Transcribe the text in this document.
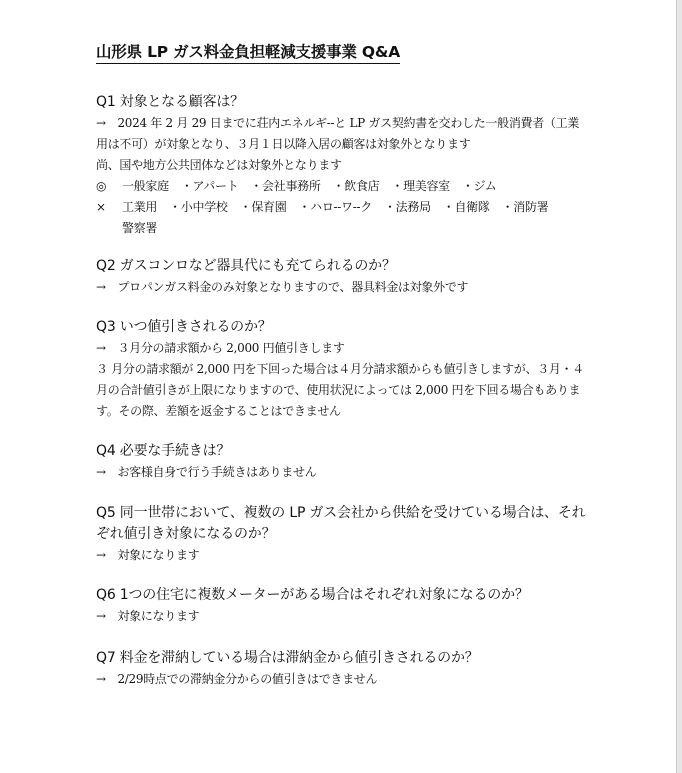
山形県 LP ガス料金負担軽減支援事業 Q&A
Q1 対象となる顧客は？
→　2024 年 2 月 29 日までに荘内エネルギ--と LP ガス契約書を交わした一般消費者（工業用は不可）が対象となり、３月１日以降入居の顧客は対象外となります
尚、国や地方公共団体などは対象外となります
◎	一般家庭 ・アパート ・会社事務所 ・飲食店 ・理美容室 ・ジム
×	工業用 ・小中学校 ・保育園 ・ハロ--ワ--ク ・法務局 ・自衛隊 ・消防署
警察署
Q2 ガスコンロなど器具代にも充てられるのか？
→　プロパンガス料金のみ対象となりますので、器具料金は対象外です
Q3 いつ値引きされるのか？
→　３月分の請求額から 2,000 円値引きします
３ 月分の請求額が 2,000 円を下回った場合は４月分請求額からも値引きしますが、３月・４月の合計値引きが上限になりますので、使用状況によっては 2,000 円を下回る場合もあります。その際、差額を返金することはできません
Q4 必要な手続きは？
→　お客様自身で行う手続きはありません
Q5 同一世帯において、複数の LP ガス会社から供給を受けている場合は、それぞれ値引き対象になるのか？
→　対象になります
Q6 1つの住宅に複数メーターがある場合はそれぞれ対象になるのか？
→　対象になります
Q7 料金を滞納している場合は滞納金から値引きされるのか？
→　2/29時点での滞納金分からの値引きはできません
